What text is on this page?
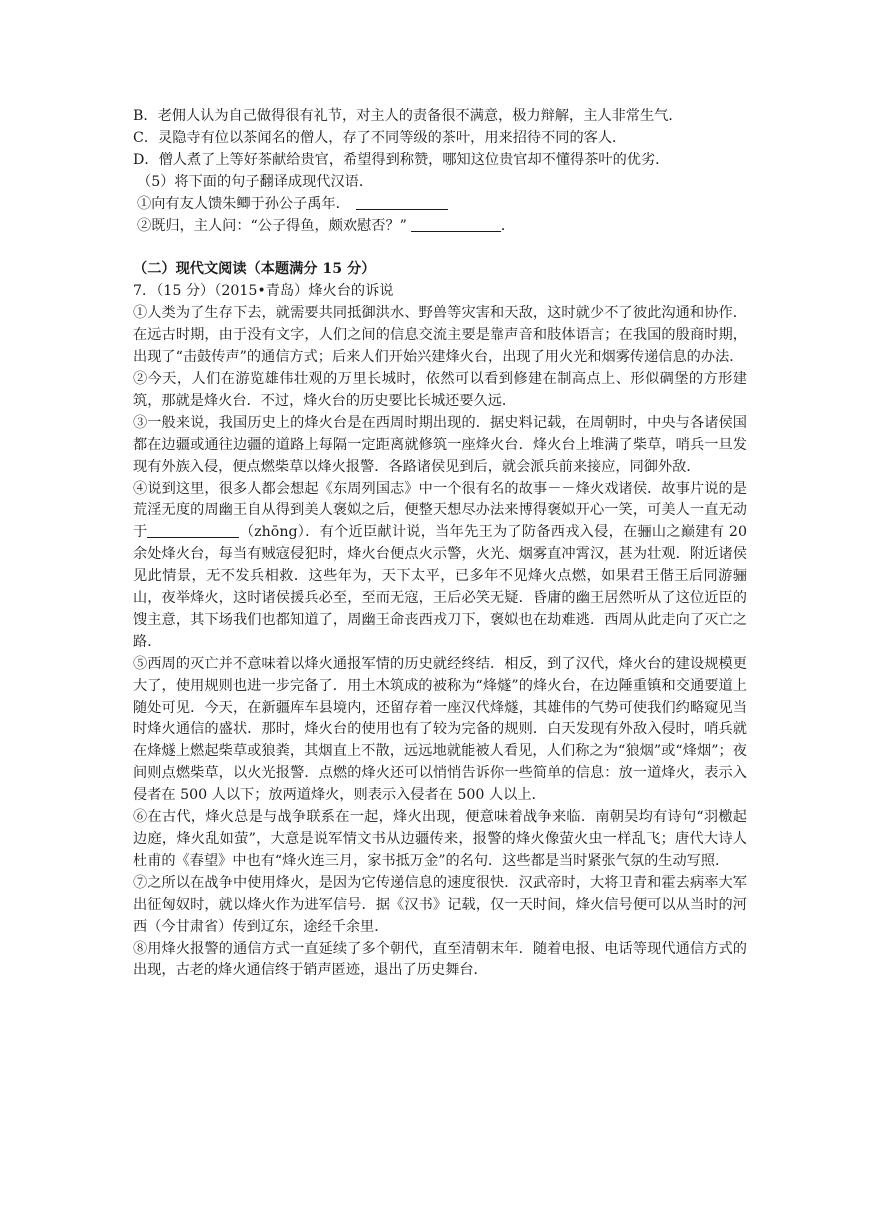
B．老佣人认为自己做得很有礼节，对主人的责备很不满意，极力辩解，主人非常生气．

C．灵隐寺有位以茶闻名的僧人，存了不同等级的茶叶，用来招待不同的客人．

D．僧人煮了上等好茶献给贵官，希望得到称赞，哪知这位贵官却不懂得茶叶的优劣．

（5）将下面的句子翻译成现代汉语．

①向有友人馈朱鲫于孙公子禹年．

②既归，主人问：“公子得鱼，颇欢慰否？”	．

（二）现代文阅读（本题满分 15 分）

7．（15 分）（2015•青岛）烽火台的诉说

①人类为了生存下去，就需要共同抵御洪水、野兽等灾害和天敌，这时就少不了彼此沟通和协作．在远古时期，由于没有文字，人们之间的信息交流主要是靠声音和肢体语言；在我国的殷商时期，出现了“击鼓传声”的通信方式；后来人们开始兴建烽火台，出现了用火光和烟雾传递信息的办法．

②今天，人们在游览雄伟壮观的万里长城时，依然可以看到修建在制高点上、形似碉堡的方形建筑，那就是烽火台．不过，烽火台的历史要比长城还要久远．

③一般来说，我国历史上的烽火台是在西周时期出现的．据史料记载，在周朝时，中央与各诸侯国都在边疆或通往边疆的道路上每隔一定距离就修筑一座烽火台．烽火台上堆满了柴草，哨兵一旦发现有外族入侵，便点燃柴草以烽火报警．各路诸侯见到后，就会派兵前来接应，同御外敌．

④说到这里，很多人都会想起《东周列国志》中一个很有名的故事－－烽火戏诸侯．故事片说的是荒淫无度的周幽王自从得到美人褒姒之后，便整天想尽办法来博得褒姒开心一笑，可美人一直无动于	（zhōng）．有个近臣献计说，当年先王为了防备西戎入侵，在骊山之巅建有 20 余处烽火台，每当有贼寇侵犯时，烽火台便点火示警，火光、烟雾直冲霄汉，甚为壮观．附近诸侯见此情景，无不发兵相救．这些年为，天下太平，已多年不见烽火点燃，如果君王偕王后同游骊山，夜举烽火，这时诸侯援兵必至，至而无寇，王后必笑无疑．昏庸的幽王居然听从了这位近臣的馊主意，其下场我们也都知道了，周幽王命丧西戎刀下，褒姒也在劫难逃．西周从此走向了灭亡之路．

⑤西周的灭亡并不意味着以烽火通报军情的历史就经终结．相反，到了汉代，烽火台的建设规模更大了，使用规则也进一步完备了．用土木筑成的被称为“烽燧”的烽火台，在边陲重镇和交通要道上随处可见．今天，在新疆库车县境内，还留存着一座汉代烽燧，其雄伟的气势可使我们约略窥见当时烽火通信的盛状．那时，烽火台的使用也有了较为完备的规则．白天发现有外敌入侵时，哨兵就在烽燧上燃起柴草或狼粪，其烟直上不散，远远地就能被人看见，人们称之为“狼烟”或“烽烟”；夜间则点燃柴草，以火光报警．点燃的烽火还可以悄悄告诉你一些简单的信息：放一道烽火，表示入侵者在 500 人以下；放两道烽火，则表示入侵者在 500 人以上．

⑥在古代，烽火总是与战争联系在一起，烽火出现，便意味着战争来临．南朝吴均有诗句“羽檄起边庭，烽火乱如萤”，大意是说军情文书从边疆传来，报警的烽火像萤火虫一样乱飞；唐代大诗人杜甫的《春望》中也有“烽火连三月，家书抵万金”的名句．这些都是当时紧张气氛的生动写照．

⑦之所以在战争中使用烽火，是因为它传递信息的速度很快．汉武帝时，大将卫青和霍去病率大军出征匈奴时，就以烽火作为进军信号．据《汉书》记载，仅一天时间，烽火信号便可以从当时的河西（今甘肃省）传到辽东，途经千余里．

⑧用烽火报警的通信方式一直延续了多个朝代，直至清朝末年．随着电报、电话等现代通信方式的出现，古老的烽火通信终于销声匿迹，退出了历史舞台．
